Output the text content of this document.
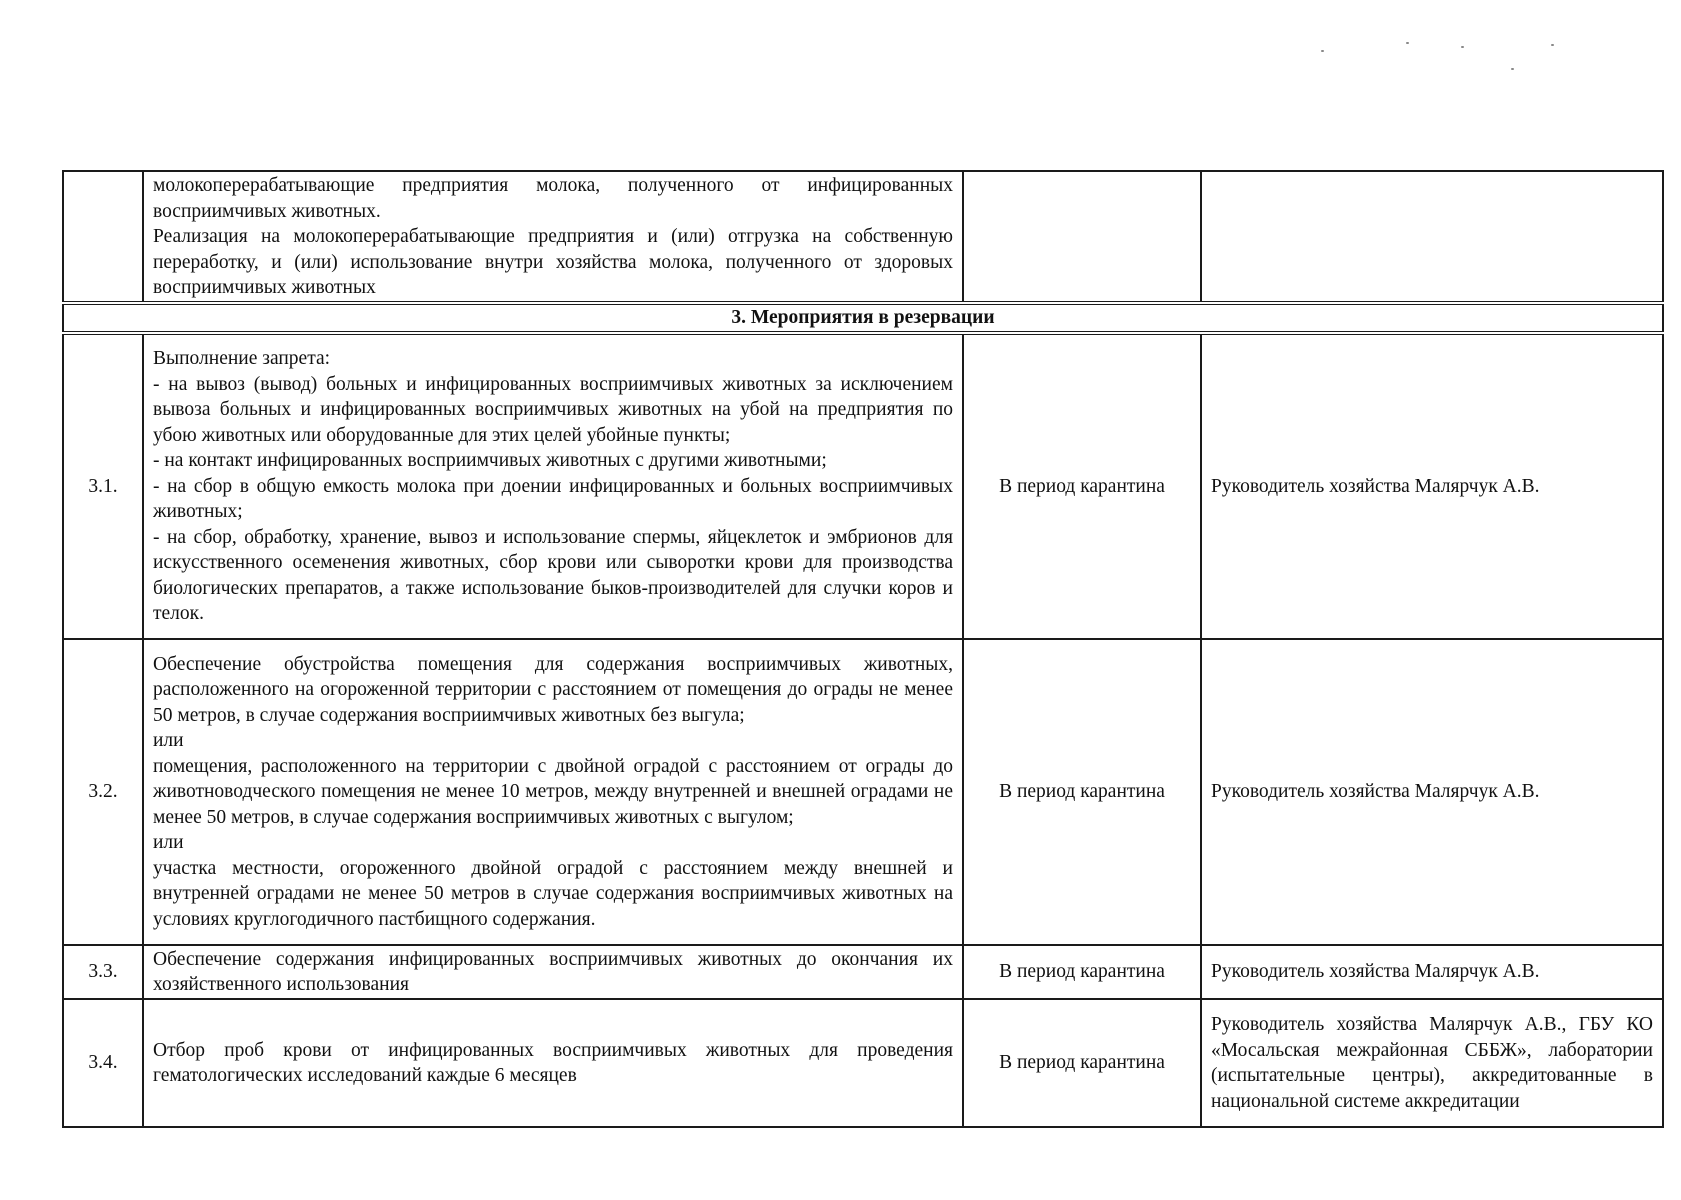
	молокоперерабатывающие предприятия молока, полученного от инфицированных восприимчивых животных.
Реализация на молокоперерабатывающие предприятия и (или) отгрузка на собственную переработку, и (или) использование внутри хозяйства молока, полученного от здоровых восприимчивых животных		

3. Мероприятия в резервации			
3.1.	Выполнение запрета:
- на вывоз (вывод) больных и инфицированных восприимчивых животных за исключением вывоза больных и инфицированных восприимчивых животных на убой на предприятия по убою животных или оборудованные для этих целей убойные пункты;
- на контакт инфицированных восприимчивых животных с другими животными;
- на сбор в общую емкость молока при доении инфицированных и больных восприимчивых животных;
- на сбор, обработку, хранение, вывоз и использование спермы, яйцеклеток и эмбрионов для искусственного осеменения животных, сбор крови или сыворотки крови для производства биологических препаратов, а также использование быков-производителей для случки коров и телок.	В период карантина	Руководитель хозяйства Малярчук А.В.
3.2.	Обеспечение обустройства помещения для содержания восприимчивых животных, расположенного на огороженной территории с расстоянием от помещения до ограды не менее 50 метров, в случае содержания восприимчивых животных без выгула;
или
помещения, расположенного на территории с двойной оградой с расстоянием от ограды до животноводческого помещения не менее 10 метров, между внутренней и внешней оградами не менее 50 метров, в случае содержания восприимчивых животных с выгулом;
или
участка местности, огороженного двойной оградой с расстоянием между внешней и внутренней оградами не менее 50 метров в случае содержания восприимчивых животных на условиях круглогодичного пастбищного содержания.	В период карантина	Руководитель хозяйства Малярчук А.В.
3.3.	Обеспечение содержания инфицированных восприимчивых животных до окончания их хозяйственного использования	В период карантина	Руководитель хозяйства Малярчук А.В.
3.4.	Отбор проб крови от инфицированных восприимчивых животных для проведения гематологических исследований каждые 6 месяцев	В период карантина	Руководитель хозяйства Малярчук А.В., ГБУ КО «Мосальская межрайонная СББЖ», лаборатории (испытательные центры), аккредитованные в национальной системе аккредитации
